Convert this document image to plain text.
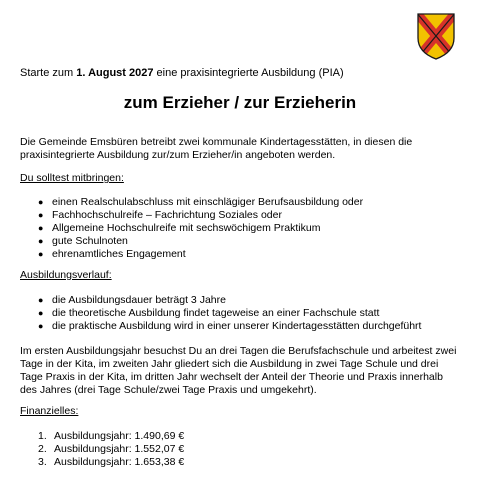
Starte zum 1. August 2027 eine praxisintegrierte Ausbildung (PIA)
zum Erzieher / zur Erzieherin
Die Gemeinde Emsbüren betreibt zwei kommunale Kindertagesstätten, in diesen die praxisintegrierte Ausbildung zur/zum Erzieher/in angeboten werden.
Du solltest mitbringen:
● einen Realschulabschluss mit einschlägiger Berufsausbildung oder
● Fachhochschulreife – Fachrichtung Soziales oder
● Allgemeine Hochschulreife mit sechswöchigem Praktikum
● gute Schulnoten
● ehrenamtliches Engagement
Ausbildungsverlauf:
● die Ausbildungsdauer beträgt 3 Jahre
● die theoretische Ausbildung findet tageweise an einer Fachschule statt
● die praktische Ausbildung wird in einer unserer Kindertagesstätten durchgeführt
Im ersten Ausbildungsjahr besuchst Du an drei Tagen die Berufsfachschule und arbeitest zwei Tage in der Kita, im zweiten Jahr gliedert sich die Ausbildung in zwei Tage Schule und drei Tage Praxis in der Kita, im dritten Jahr wechselt der Anteil der Theorie und Praxis innerhalb des Jahres (drei Tage Schule/zwei Tage Praxis und umgekehrt).
Finanzielles:
1. Ausbildungsjahr: 1.490,69 €
2. Ausbildungsjahr: 1.552,07 €
3. Ausbildungsjahr: 1.653,38 €
